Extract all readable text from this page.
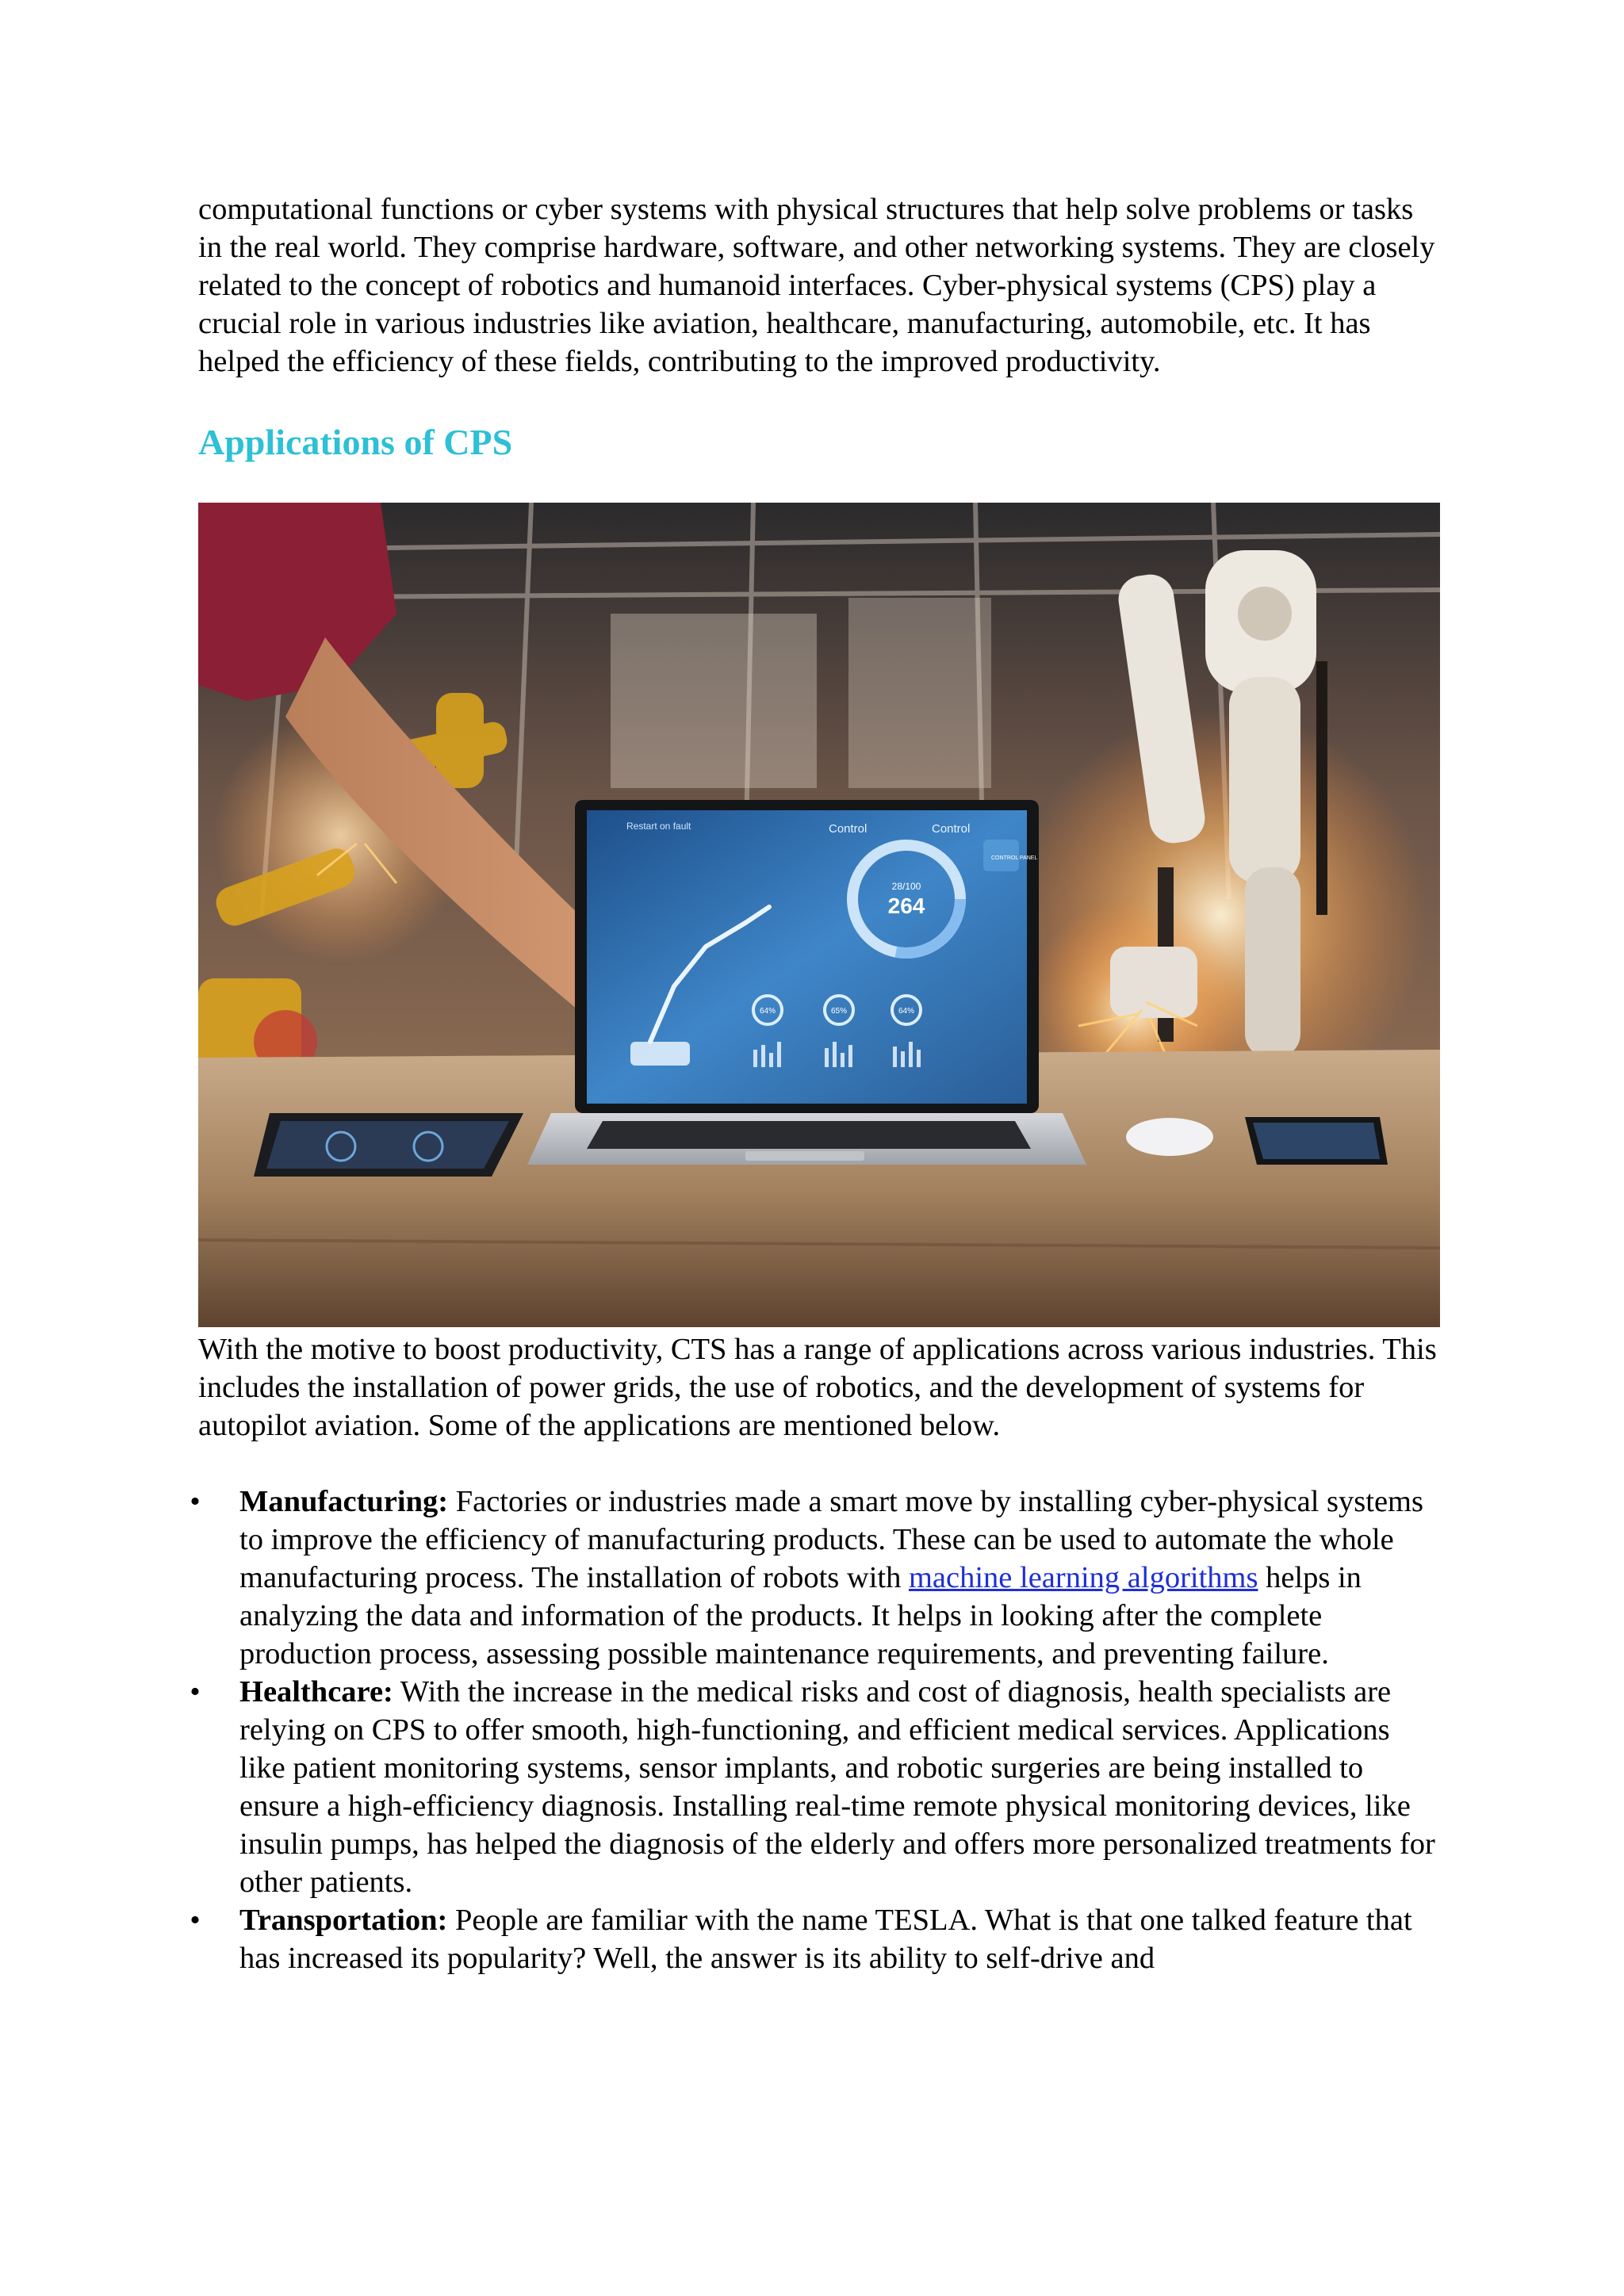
computational functions or cyber systems with physical structures that help solve problems or tasks in the real world. They comprise hardware, software, and other networking systems. They are closely related to the concept of robotics and humanoid interfaces. Cyber-physical systems (CPS) play a crucial role in various industries like aviation, healthcare, manufacturing, automobile, etc. It has helped the efficiency of these fields, contributing to the improved productivity.

Applications of CPS
Restart on fault	Control	Control
28/100
264
CONTROL PANEL
64%	65%	64%

With the motive to boost productivity, CTS has a range of applications across various industries. This includes the installation of power grids, the use of robotics, and the development of systems for autopilot aviation. Some of the applications are mentioned below.

• Manufacturing: Factories or industries made a smart move by installing cyber-physical systems to improve the efficiency of manufacturing products. These can be used to automate the whole manufacturing process. The installation of robots with machine learning algorithms helps in analyzing the data and information of the products. It helps in looking after the complete production process, assessing possible maintenance requirements, and preventing failure.
• Healthcare: With the increase in the medical risks and cost of diagnosis, health specialists are relying on CPS to offer smooth, high-functioning, and efficient medical services. Applications like patient monitoring systems, sensor implants, and robotic surgeries are being installed to ensure a high-efficiency diagnosis. Installing real-time remote physical monitoring devices, like insulin pumps, has helped the diagnosis of the elderly and offers more personalized treatments for other patients.
• Transportation: People are familiar with the name TESLA. What is that one talked feature that has increased its popularity? Well, the answer is its ability to self-drive and
